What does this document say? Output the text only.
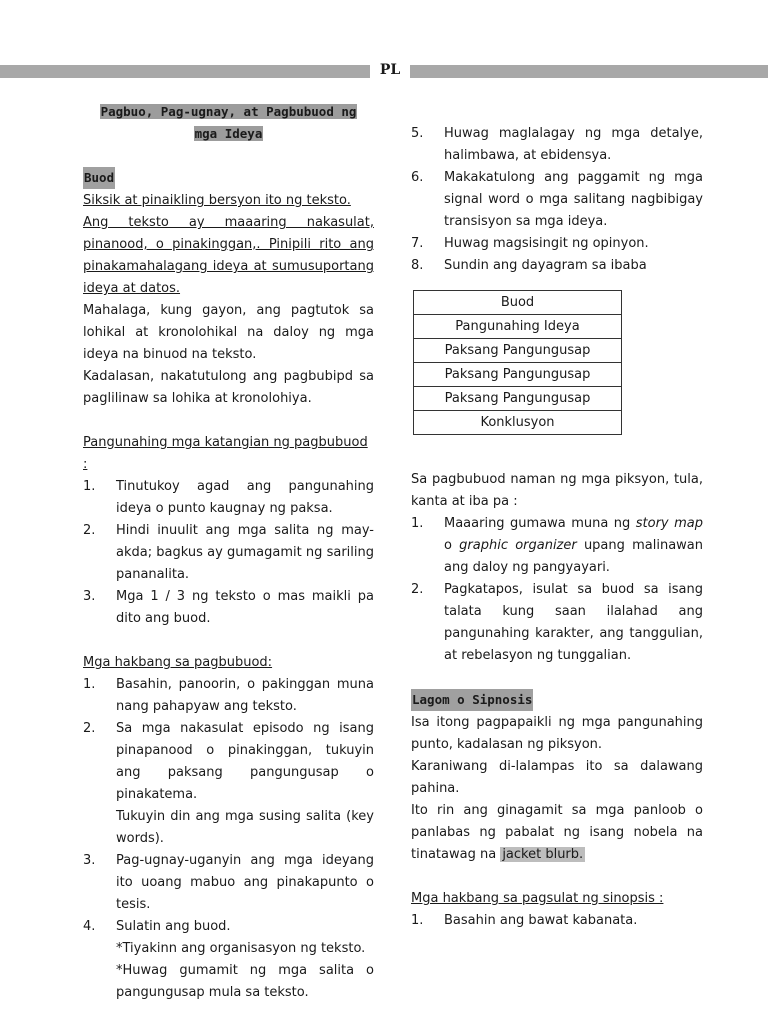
PL
Pagbuo, Pag-ugnay, at Pagbubuod ng
mga Ideya
Buod
Siksik at pinaikling bersyon ito ng teksto.
Ang teksto ay maaaring nakasulat,
pinanood, o pinakinggan,. Pinipili rito ang
pinakamahalagang ideya at sumusuportang
ideya at datos.
Mahalaga, kung gayon, ang pagtutok sa lohikal at kronolohikal na daloy ng mga ideya na binuod na teksto.
Kadalasan, nakatutulong ang pagbubipd sa paglilinaw sa lohika at kronolohiya.
Pangunahing mga katangian ng pagbubuod :
1. Tinutukoy agad ang pangunahing ideya o punto kaugnay ng paksa.
2. Hindi inuulit ang mga salita ng may-akda; bagkus ay gumagamit ng sariling pananalita.
3. Mga 1 / 3 ng teksto o mas maikli pa dito ang buod.
Mga hakbang sa pagbubuod:
1. Basahin, panoorin, o pakinggan muna nang pahapyaw ang teksto.
2. Sa mga nakasulat episodo ng isang pinapanood o pinakinggan, tukuyin ang paksang pangungusap o pinakatema.
Tukuyin din ang mga susing salita (key words).
3. Pag-ugnay-uganyin ang mga ideyang ito uoang mabuo ang pinakapunto o tesis.
4. Sulatin ang buod.
*Tiyakinn ang organisasyon ng teksto.
*Huwag gumamit ng mga salita o pangungusap mula sa teksto.
5. Huwag maglalagay ng mga detalye, halimbawa, at ebidensya.
6. Makakatulong ang paggamit ng mga signal word o mga salitang nagbibigay transisyon sa mga ideya.
7. Huwag magsisingit ng opinyon.
8. Sundin ang dayagram sa ibaba
Buod
Pangunahing Ideya
Paksang Pangungusap
Paksang Pangungusap
Paksang Pangungusap
Konklusyon
Sa pagbubuod naman ng mga piksyon, tula, kanta at iba pa :
1. Maaaring gumawa muna ng story map o graphic organizer upang malinawan ang daloy ng pangyayari.
2. Pagkatapos, isulat sa buod sa isang talata kung saan ilalahad ang pangunahing karakter, ang tanggulian, at rebelasyon ng tunggalian.
Lagom o Sipnosis
Isa itong pagpapaikli ng mga pangunahing punto, kadalasan ng piksyon.
Karaniwang di-lalampas ito sa dalawang pahina.
Ito rin ang ginagamit sa mga panloob o panlabas ng pabalat ng isang nobela na tinatawag na jacket blurb.
Mga hakbang sa pagsulat ng sinopsis :
1. Basahin ang bawat kabanata.
